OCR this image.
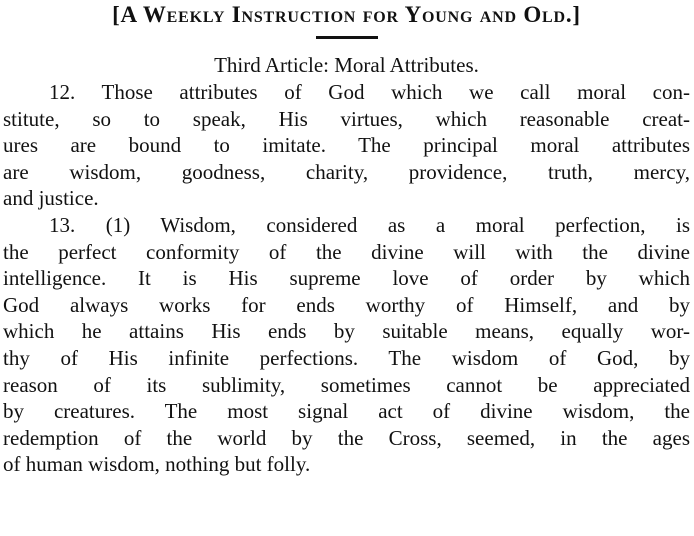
[A Weekly Instruction for Young and Old.]
Third Article: Moral Attributes.
12. Those attributes of God which we call moral con-
stitute, so to speak, His virtues, which reasonable creat-
ures are bound to imitate. The principal moral attributes
are wisdom, goodness, charity, providence, truth, mercy,
and justice.
13. (1) Wisdom, considered as a moral perfection, is
the perfect conformity of the divine will with the divine
intelligence. It is His supreme love of order by which
God always works for ends worthy of Himself, and by
which he attains His ends by suitable means, equally wor-
thy of His infinite perfections. The wisdom of God, by
reason of its sublimity, sometimes cannot be appreciated
by creatures. The most signal act of divine wisdom, the
redemption of the world by the Cross, seemed, in the ages
of human wisdom, nothing but folly.
